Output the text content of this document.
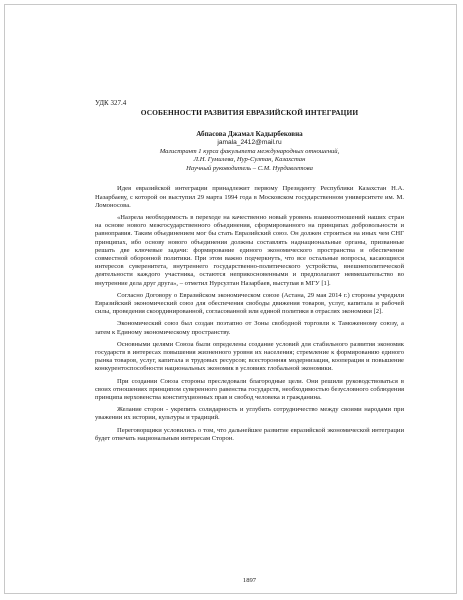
УДК 327.4
ОСОБЕННОСТИ РАЗВИТИЯ ЕВРАЗИЙСКОЙ ИНТЕГРАЦИИ
Абпасова Джамал Кадырбековна
jamala_2412@mail.ru
Магистрант 1 курса факультета международных отношений,
Л.Н. Гумилева, Нур-Султан, Казахстан
Научный руководитель – С.М. Нурдавлетова

Идея евразийской интеграции принадлежит первому Президенту Республики Казахстан Н.А. Назарбаеву, с которой он выступил 29 марта 1994 года в Московском государственном университете им. М. Ломоносова.

«Назрела необходимость в переходе на качественно новый уровень взаимоотношений наших стран на основе нового межгосударственного объединения, сформированного на принципах добровольности и равноправия. Таким объединением мог бы стать Евразийский союз. Он должен строиться на иных чем СНГ принципах, ибо основу нового объединения должны составлять наднациональные органы, призванные решать две ключевые задачи: формирование единого экономического пространства и обеспечение совместной оборонной политики. При этом важно подчеркнуть, что все остальные вопросы, касающиеся интересов суверенитета, внутреннего государственно-политического устройства, внешнеполитической деятельности каждого участника, остаются неприкосновенными и предполагают невмешательство во внутренние дела друг друга», – отметил Нурсултан Назарбаев, выступая в МГУ [1].

Согласно Договору о Евразийском экономическом союзе (Астана, 29 мая 2014 г.) стороны учредили Евразийский экономический союз для обеспечения свободы движения товаров, услуг, капитала и рабочей силы, проведения скоординированной, согласованной или единой политики в отраслях экономики [2].

Экономический союз был создан поэтапно от Зоны свободной торговли к Таможенному союзу, а затем к Единому экономическому пространству.

Основными целями Союза были определены создание условий для стабильного развития экономик государств в интересах повышения жизненного уровня их населения; стремление к формированию единого рынка товаров, услуг, капитала и трудовых ресурсов; всесторонняя модернизация, кооперация и повышение конкурентоспособности национальных экономик в условиях глобальной экономики.

При создании Союза стороны преследовали благородные цели. Они решили руководствоваться в своих отношениях принципом суверенного равенства государств, необходимостью безусловного соблюдения принципа верховенства конституционных прав и свобод человека и гражданина.

Желание сторон - укрепить солидарность и углубить сотрудничество между своими народами при уважении их истории, культуры и традиций.

Переговорщики условились о том, что дальнейшее развитие евразийской экономической интеграции будет отвечать национальным интересам Сторон.

1897
